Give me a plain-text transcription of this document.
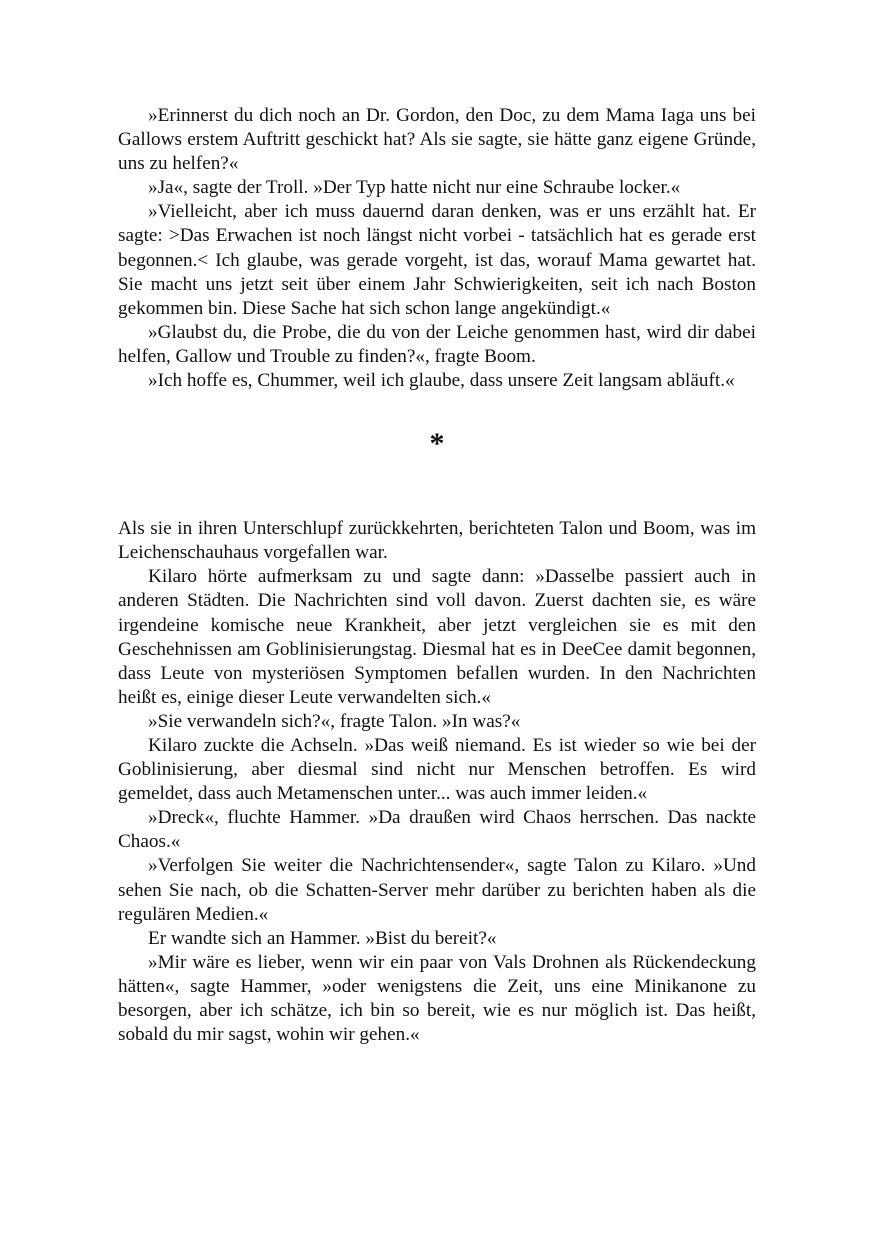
»Erinnerst du dich noch an Dr. Gordon, den Doc, zu dem Mama Iaga uns bei Gallows erstem Auftritt geschickt hat? Als sie sagte, sie hätte ganz eigene Gründe, uns zu helfen?«

»Ja«, sagte der Troll. »Der Typ hatte nicht nur eine Schraube locker.«

»Vielleicht, aber ich muss dauernd daran denken, was er uns erzählt hat. Er sagte: >Das Erwachen ist noch längst nicht vorbei - tatsächlich hat es gerade erst begonnen.< Ich glaube, was gerade vorgeht, ist das, worauf Mama gewartet hat. Sie macht uns jetzt seit über einem Jahr Schwierigkeiten, seit ich nach Boston gekommen bin. Diese Sache hat sich schon lange angekündigt.«

»Glaubst du, die Probe, die du von der Leiche genommen hast, wird dir dabei helfen, Gallow und Trouble zu finden?«, fragte Boom.

»Ich hoffe es, Chummer, weil ich glaube, dass unsere Zeit langsam abläuft.«

*

Als sie in ihren Unterschlupf zurückkehrten, berichteten Talon und Boom, was im Leichenschauhaus vorgefallen war.

Kilaro hörte aufmerksam zu und sagte dann: »Dasselbe passiert auch in anderen Städten. Die Nachrichten sind voll davon. Zuerst dachten sie, es wäre irgendeine komische neue Krankheit, aber jetzt vergleichen sie es mit den Geschehnissen am Goblinisierungstag. Diesmal hat es in DeeCee damit begonnen, dass Leute von mysteriösen Symptomen befallen wurden. In den Nachrichten heißt es, einige dieser Leute verwandelten sich.«

»Sie verwandeln sich?«, fragte Talon. »In was?«

Kilaro zuckte die Achseln. »Das weiß niemand. Es ist wieder so wie bei der Goblinisierung, aber diesmal sind nicht nur Menschen betroffen. Es wird gemeldet, dass auch Metamenschen unter... was auch immer leiden.«

»Dreck«, fluchte Hammer. »Da draußen wird Chaos herrschen. Das nackte Chaos.«

»Verfolgen Sie weiter die Nachrichtensender«, sagte Talon zu Kilaro. »Und sehen Sie nach, ob die Schatten-Server mehr darüber zu berichten haben als die regulären Medien.«

Er wandte sich an Hammer. »Bist du bereit?«

»Mir wäre es lieber, wenn wir ein paar von Vals Drohnen als Rückendeckung hätten«, sagte Hammer, »oder wenigstens die Zeit, uns eine Minikanone zu besorgen, aber ich schätze, ich bin so bereit, wie es nur möglich ist. Das heißt, sobald du mir sagst, wohin wir gehen.«
